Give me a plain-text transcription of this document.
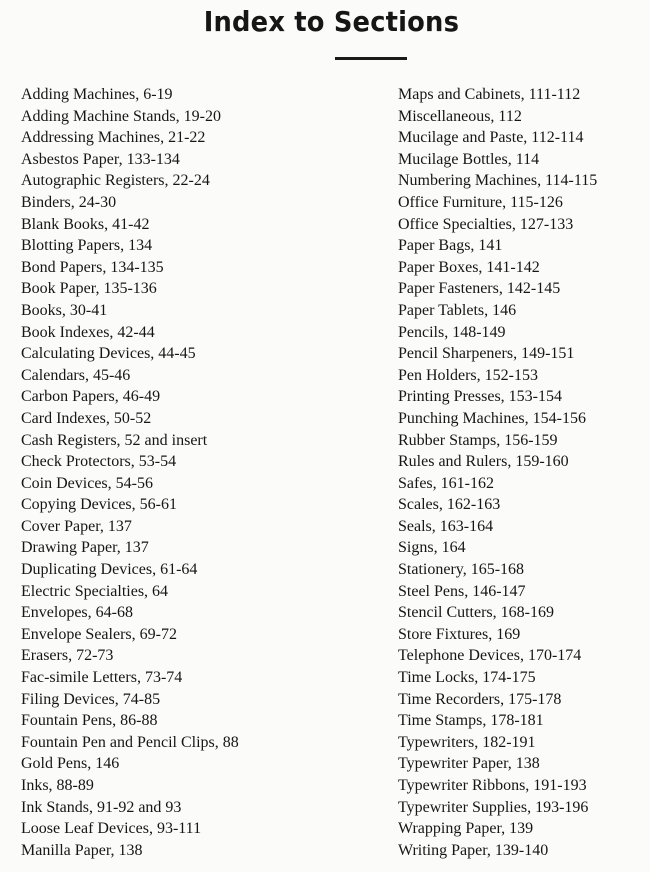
Index to Sections
Adding Machines, 6-19
Adding Machine Stands, 19-20
Addressing Machines, 21-22
Asbestos Paper, 133-134
Autographic Registers, 22-24
Binders, 24-30
Blank Books, 41-42
Blotting Papers, 134
Bond Papers, 134-135
Book Paper, 135-136
Books, 30-41
Book Indexes, 42-44
Calculating Devices, 44-45
Calendars, 45-46
Carbon Papers, 46-49
Card Indexes, 50-52
Cash Registers, 52 and insert
Check Protectors, 53-54
Coin Devices, 54-56
Copying Devices, 56-61
Cover Paper, 137
Drawing Paper, 137
Duplicating Devices, 61-64
Electric Specialties, 64
Envelopes, 64-68
Envelope Sealers, 69-72
Erasers, 72-73
Fac-simile Letters, 73-74
Filing Devices, 74-85
Fountain Pens, 86-88
Fountain Pen and Pencil Clips, 88
Gold Pens, 146
Inks, 88-89
Ink Stands, 91-92 and 93
Loose Leaf Devices, 93-111
Manilla Paper, 138
Maps and Cabinets, 111-112
Miscellaneous, 112
Mucilage and Paste, 112-114
Mucilage Bottles, 114
Numbering Machines, 114-115
Office Furniture, 115-126
Office Specialties, 127-133
Paper Bags, 141
Paper Boxes, 141-142
Paper Fasteners, 142-145
Paper Tablets, 146
Pencils, 148-149
Pencil Sharpeners, 149-151
Pen Holders, 152-153
Printing Presses, 153-154
Punching Machines, 154-156
Rubber Stamps, 156-159
Rules and Rulers, 159-160
Safes, 161-162
Scales, 162-163
Seals, 163-164
Signs, 164
Stationery, 165-168
Steel Pens, 146-147
Stencil Cutters, 168-169
Store Fixtures, 169
Telephone Devices, 170-174
Time Locks, 174-175
Time Recorders, 175-178
Time Stamps, 178-181
Typewriters, 182-191
Typewriter Paper, 138
Typewriter Ribbons, 191-193
Typewriter Supplies, 193-196
Wrapping Paper, 139
Writing Paper, 139-140
